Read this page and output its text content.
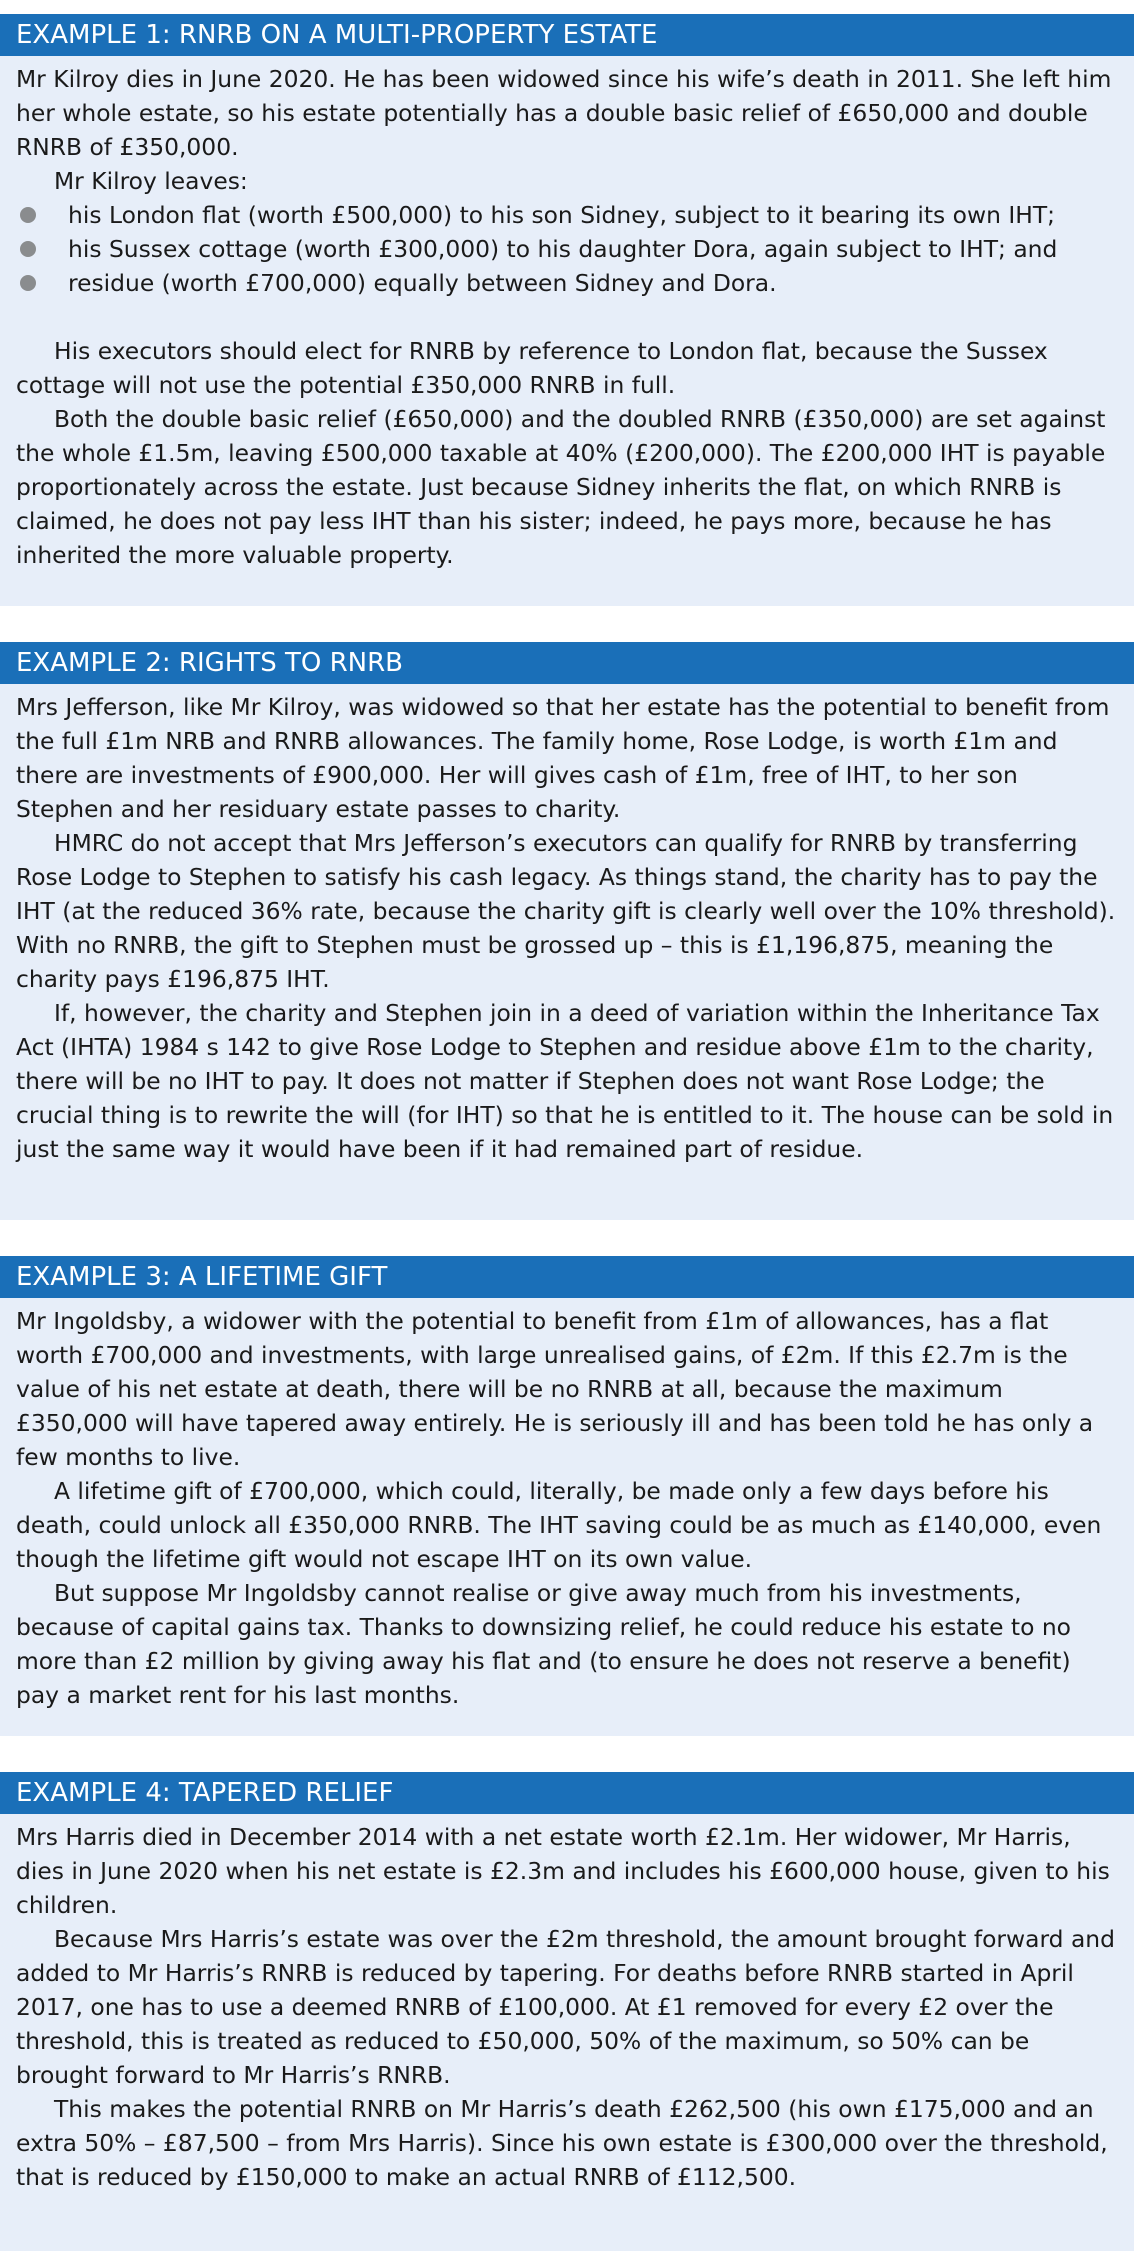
EXAMPLE 1: RNRB ON A MULTI-PROPERTY ESTATE

Mr Kilroy dies in June 2020. He has been widowed since his wife’s death in 2011. She left him her whole estate, so his estate potentially has a double basic relief of £650,000 and double RNRB of £350,000.

Mr Kilroy leaves:

his London flat (worth £500,000) to his son Sidney, subject to it bearing its own IHT;
his Sussex cottage (worth £300,000) to his daughter Dora, again subject to IHT; and
residue (worth £700,000) equally between Sidney and Dora.

His executors should elect for RNRB by reference to London flat, because the Sussex cottage will not use the potential £350,000 RNRB in full.

Both the double basic relief (£650,000) and the doubled RNRB (£350,000) are set against the whole £1.5m, leaving £500,000 taxable at 40% (£200,000). The £200,000 IHT is payable proportionately across the estate. Just because Sidney inherits the flat, on which RNRB is claimed, he does not pay less IHT than his sister; indeed, he pays more, because he has inherited the more valuable property.

EXAMPLE 2: RIGHTS TO RNRB

Mrs Jefferson, like Mr Kilroy, was widowed so that her estate has the potential to benefit from the full £1m NRB and RNRB allowances. The family home, Rose Lodge, is worth £1m and there are investments of £900,000. Her will gives cash of £1m, free of IHT, to her son Stephen and her residuary estate passes to charity.

HMRC do not accept that Mrs Jefferson’s executors can qualify for RNRB by transferring Rose Lodge to Stephen to satisfy his cash legacy. As things stand, the charity has to pay the IHT (at the reduced 36% rate, because the charity gift is clearly well over the 10% threshold). With no RNRB, the gift to Stephen must be grossed up – this is £1,196,875, meaning the charity pays £196,875 IHT.

If, however, the charity and Stephen join in a deed of variation within the Inheritance Tax Act (IHTA) 1984 s 142 to give Rose Lodge to Stephen and residue above £1m to the charity, there will be no IHT to pay. It does not matter if Stephen does not want Rose Lodge; the crucial thing is to rewrite the will (for IHT) so that he is entitled to it. The house can be sold in just the same way it would have been if it had remained part of residue.

EXAMPLE 3: A LIFETIME GIFT

Mr Ingoldsby, a widower with the potential to benefit from £1m of allowances, has a flat worth £700,000 and investments, with large unrealised gains, of £2m. If this £2.7m is the value of his net estate at death, there will be no RNRB at all, because the maximum £350,000 will have tapered away entirely. He is seriously ill and has been told he has only a few months to live.

A lifetime gift of £700,000, which could, literally, be made only a few days before his death, could unlock all £350,000 RNRB. The IHT saving could be as much as £140,000, even though the lifetime gift would not escape IHT on its own value.

But suppose Mr Ingoldsby cannot realise or give away much from his investments, because of capital gains tax. Thanks to downsizing relief, he could reduce his estate to no more than £2 million by giving away his flat and (to ensure he does not reserve a benefit) pay a market rent for his last months.

EXAMPLE 4: TAPERED RELIEF

Mrs Harris died in December 2014 with a net estate worth £2.1m. Her widower, Mr Harris, dies in June 2020 when his net estate is £2.3m and includes his £600,000 house, given to his children.

Because Mrs Harris’s estate was over the £2m threshold, the amount brought forward and added to Mr Harris’s RNRB is reduced by tapering. For deaths before RNRB started in April 2017, one has to use a deemed RNRB of £100,000. At £1 removed for every £2 over the threshold, this is treated as reduced to £50,000, 50% of the maximum, so 50% can be brought forward to Mr Harris’s RNRB.

This makes the potential RNRB on Mr Harris’s death £262,500 (his own £175,000 and an extra 50% – £87,500 – from Mrs Harris). Since his own estate is £300,000 over the threshold, that is reduced by £150,000 to make an actual RNRB of £112,500.
